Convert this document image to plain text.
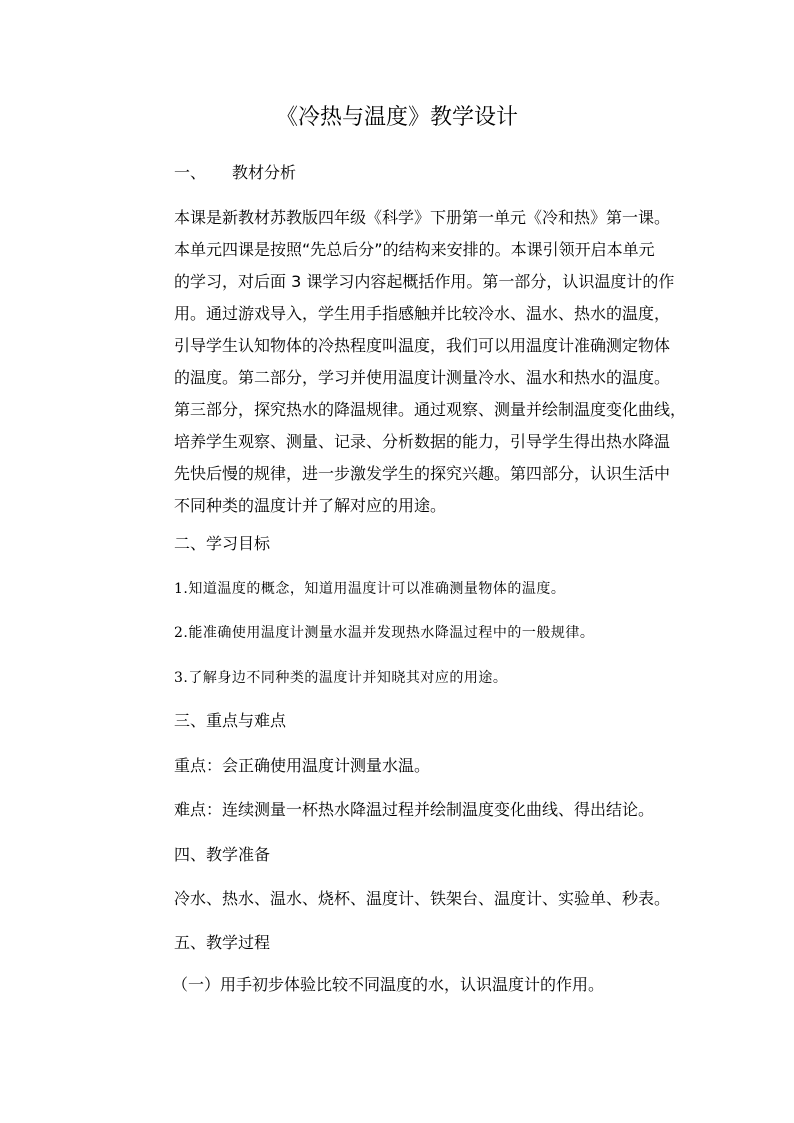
《冷热与温度》教学设计
一、 教材分析
本课是新教材苏教版四年级《科学》下册第一单元《冷和热》第一课。
本单元四课是按照“先总后分”的结构来安排的。本课引领开启本单元
的学习，对后面 3 课学习内容起概括作用。第一部分，认识温度计的作
用。通过游戏导入，学生用手指感触并比较冷水、温水、热水的温度，
引导学生认知物体的冷热程度叫温度，我们可以用温度计准确测定物体
的温度。第二部分，学习并使用温度计测量冷水、温水和热水的温度。
第三部分，探究热水的降温规律。通过观察、测量并绘制温度变化曲线，
培养学生观察、测量、记录、分析数据的能力，引导学生得出热水降温
先快后慢的规律，进一步激发学生的探究兴趣。第四部分，认识生活中
不同种类的温度计并了解对应的用途。
二、学习目标
1.知道温度的概念，知道用温度计可以准确测量物体的温度。
2.能准确使用温度计测量水温并发现热水降温过程中的一般规律。
3.了解身边不同种类的温度计并知晓其对应的用途。
三、重点与难点
重点：会正确使用温度计测量水温。
难点：连续测量一杯热水降温过程并绘制温度变化曲线、得出结论。
四、教学准备
冷水、热水、温水、烧杯、温度计、铁架台、温度计、实验单、秒表。
五、教学过程
（一）用手初步体验比较不同温度的水，认识温度计的作用。
